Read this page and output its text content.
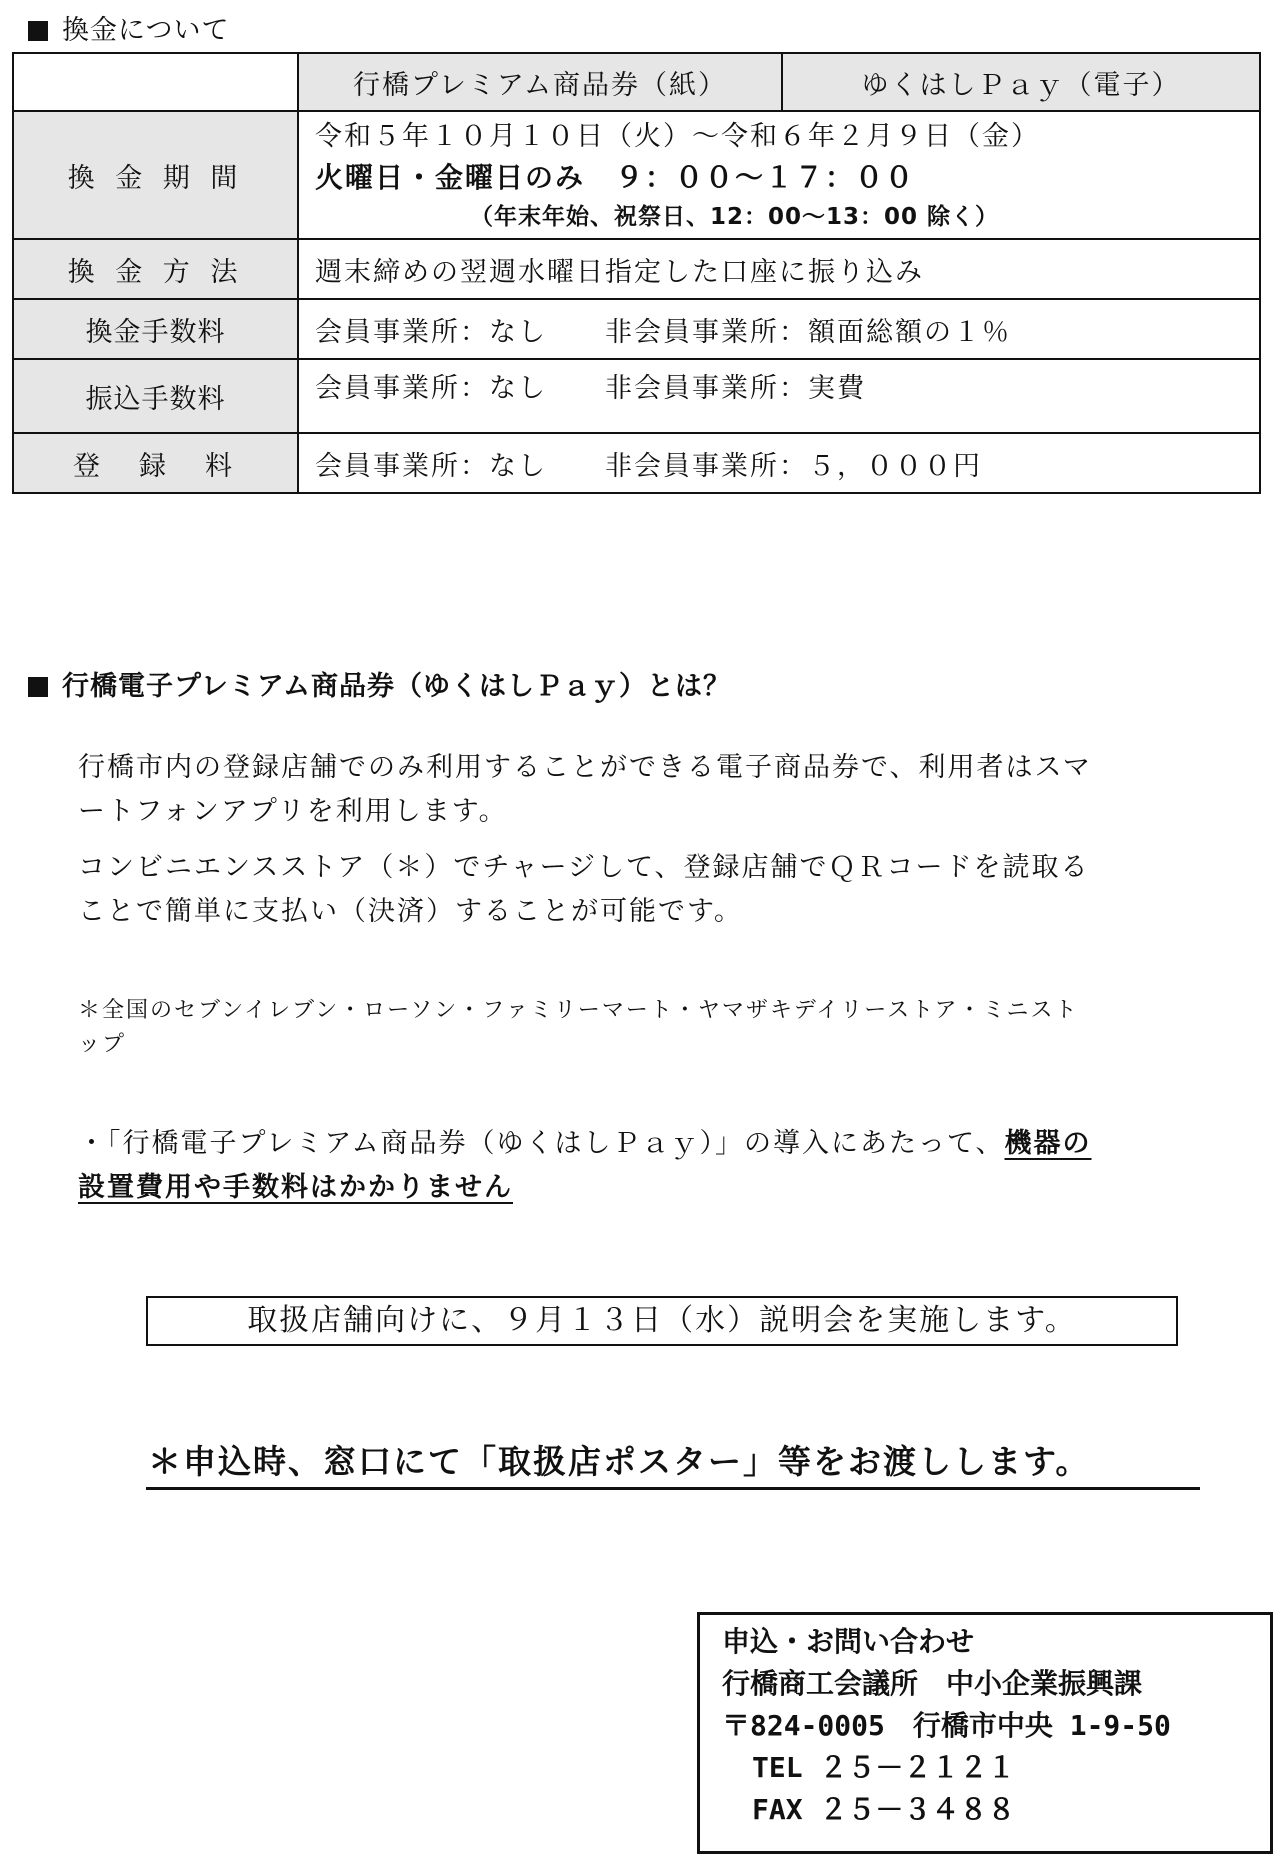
換金について
	行橋プレミアム商品券（紙）	ゆくはしＰａｙ（電子）
換 金 期 間	令和５年１０月１０日（火）～令和６年２月９日（金）
火曜日・金曜日のみ　９：００～１７：００
（年末年始、祝祭日、12：00～13：00 除く）	

換 金 方 法	週末締めの翌週水曜日指定した口座に振り込み	
換金手数料	会員事業所：なし　　非会員事業所：額面総額の１％	
振込手数料	会員事業所：なし　　非会員事業所：実費	
登　録　料	会員事業所：なし　　非会員事業所：５，０００円	
行橋電子プレミアム商品券（ゆくはしＰａｙ）とは？
行橋市内の登録店舗でのみ利用することができる電子商品券で、利用者はスマ
ートフォンアプリを利用します。
コンビニエンスストア（＊）でチャージして、登録店舗でＱＲコードを読取る
ことで簡単に支払い（決済）することが可能です。
＊全国のセブンイレブン・ローソン・ファミリーマート・ヤマザキデイリーストア・ミニスト
ップ
・「行橋電子プレミアム商品券（ゆくはしＰａｙ）」の導入にあたって、機器の
設置費用や手数料はかかりません
取扱店舗向けに、９月１３日（水）説明会を実施します。
＊申込時、窓口にて「取扱店ポスター」等をお渡しします。
申込・お問い合わせ
行橋商工会議所　中小企業振興課
〒824-0005　行橋市中央 1-9-50
TEL ２５－２１２１
FAX ２５－３４８８
